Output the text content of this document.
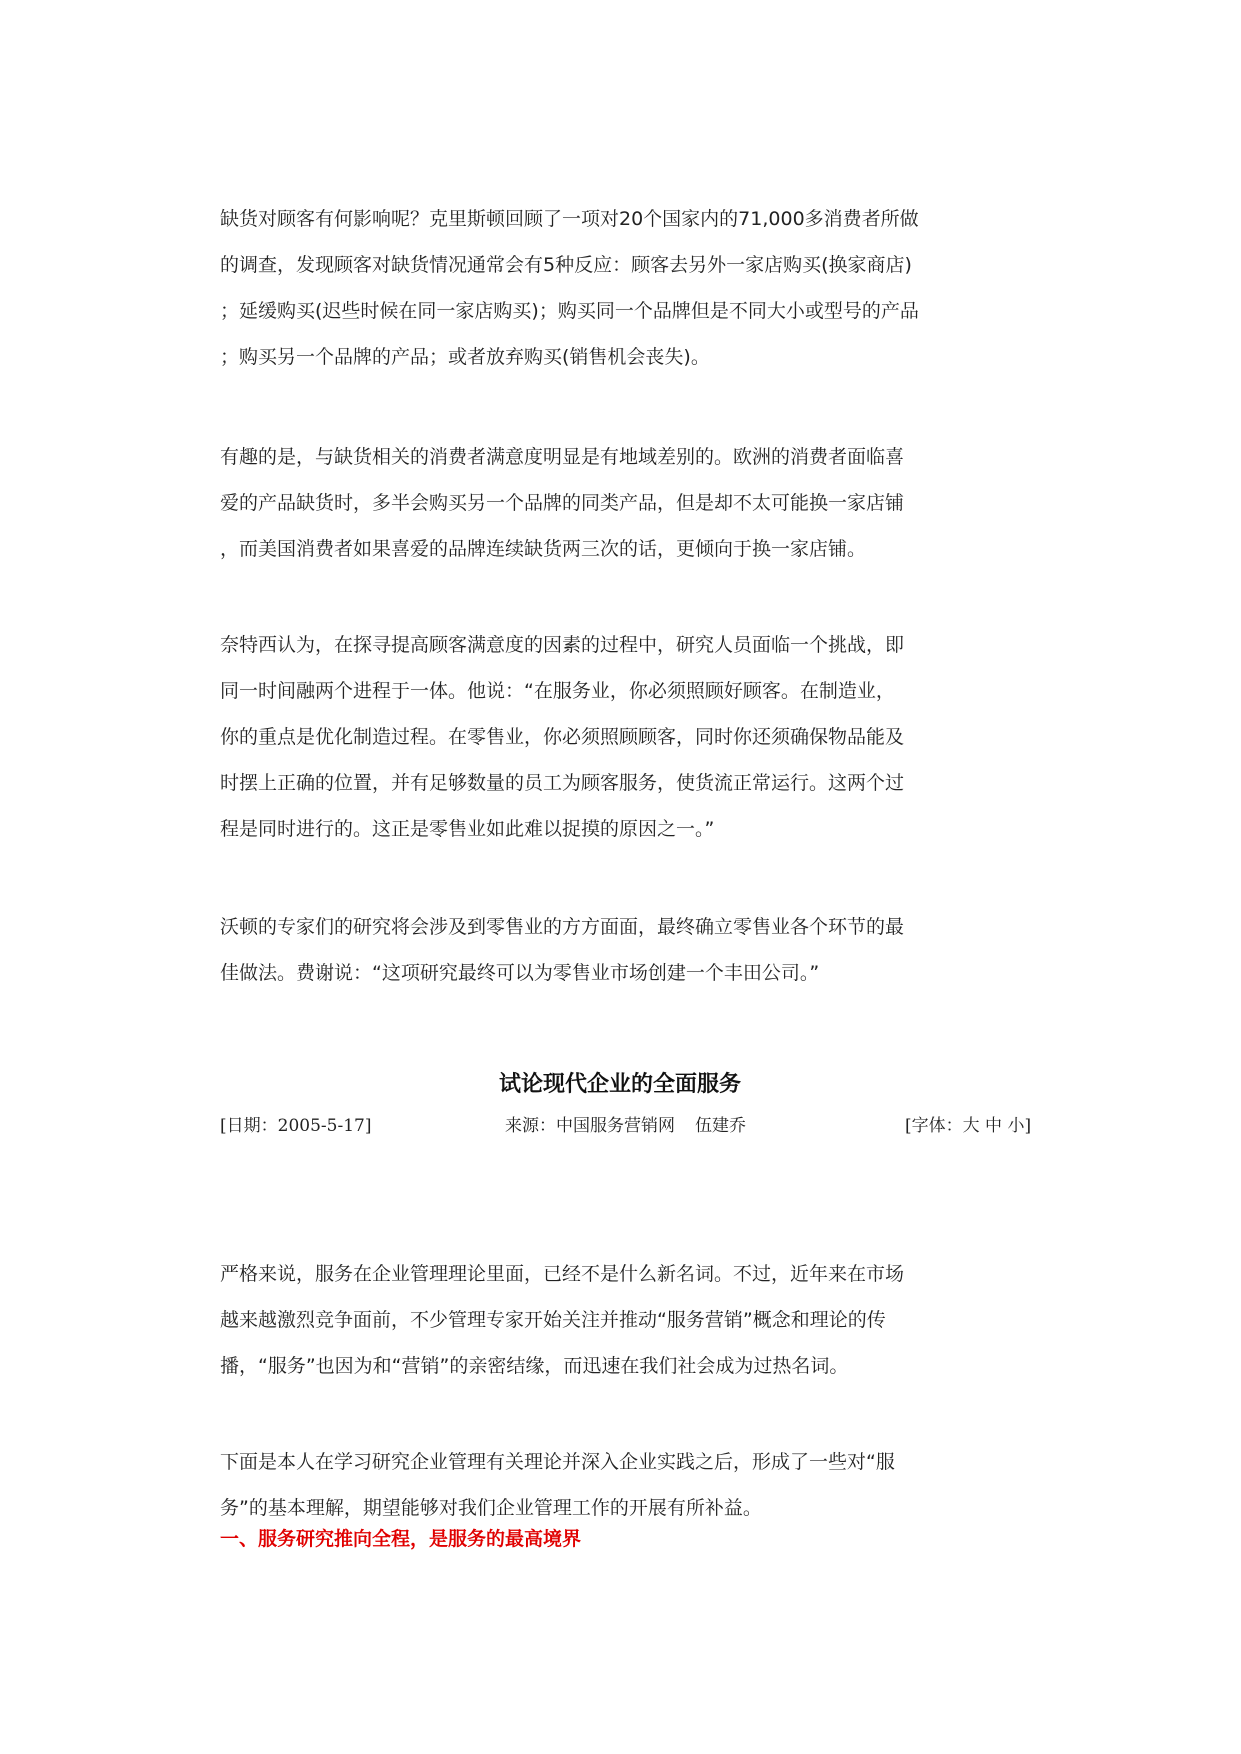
缺货对顾客有何影响呢？克里斯顿回顾了一项对20个国家内的71,000多消费者所做
的调查，发现顾客对缺货情况通常会有5种反应：顾客去另外一家店购买(换家商店)
；延缓购买(迟些时候在同一家店购买)；购买同一个品牌但是不同大小或型号的产品
；购买另一个品牌的产品；或者放弃购买(销售机会丧失)。
有趣的是，与缺货相关的消费者满意度明显是有地域差别的。欧洲的消费者面临喜
爱的产品缺货时，多半会购买另一个品牌的同类产品，但是却不太可能换一家店铺
，而美国消费者如果喜爱的品牌连续缺货两三次的话，更倾向于换一家店铺。
奈特西认为，在探寻提高顾客满意度的因素的过程中，研究人员面临一个挑战，即
同一时间融两个进程于一体。他说：“在服务业，你必须照顾好顾客。在制造业，
你的重点是优化制造过程。在零售业，你必须照顾顾客，同时你还须确保物品能及
时摆上正确的位置，并有足够数量的员工为顾客服务，使货流正常运行。这两个过
程是同时进行的。这正是零售业如此难以捉摸的原因之一。”
沃顿的专家们的研究将会涉及到零售业的方方面面，最终确立零售业各个环节的最
佳做法。费谢说：“这项研究最终可以为零售业市场创建一个丰田公司。”
试论现代企业的全面服务
[日期：2005-5-17]	来源：中国服务营销网 伍建乔	[字体：大 中 小]
严格来说，服务在企业管理理论里面，已经不是什么新名词。不过，近年来在市场
越来越激烈竞争面前，不少管理专家开始关注并推动“服务营销”概念和理论的传
播，“服务”也因为和“营销”的亲密结缘，而迅速在我们社会成为过热名词。
下面是本人在学习研究企业管理有关理论并深入企业实践之后，形成了一些对“服
务”的基本理解，期望能够对我们企业管理工作的开展有所补益。
一、服务研究推向全程，是服务的最高境界
